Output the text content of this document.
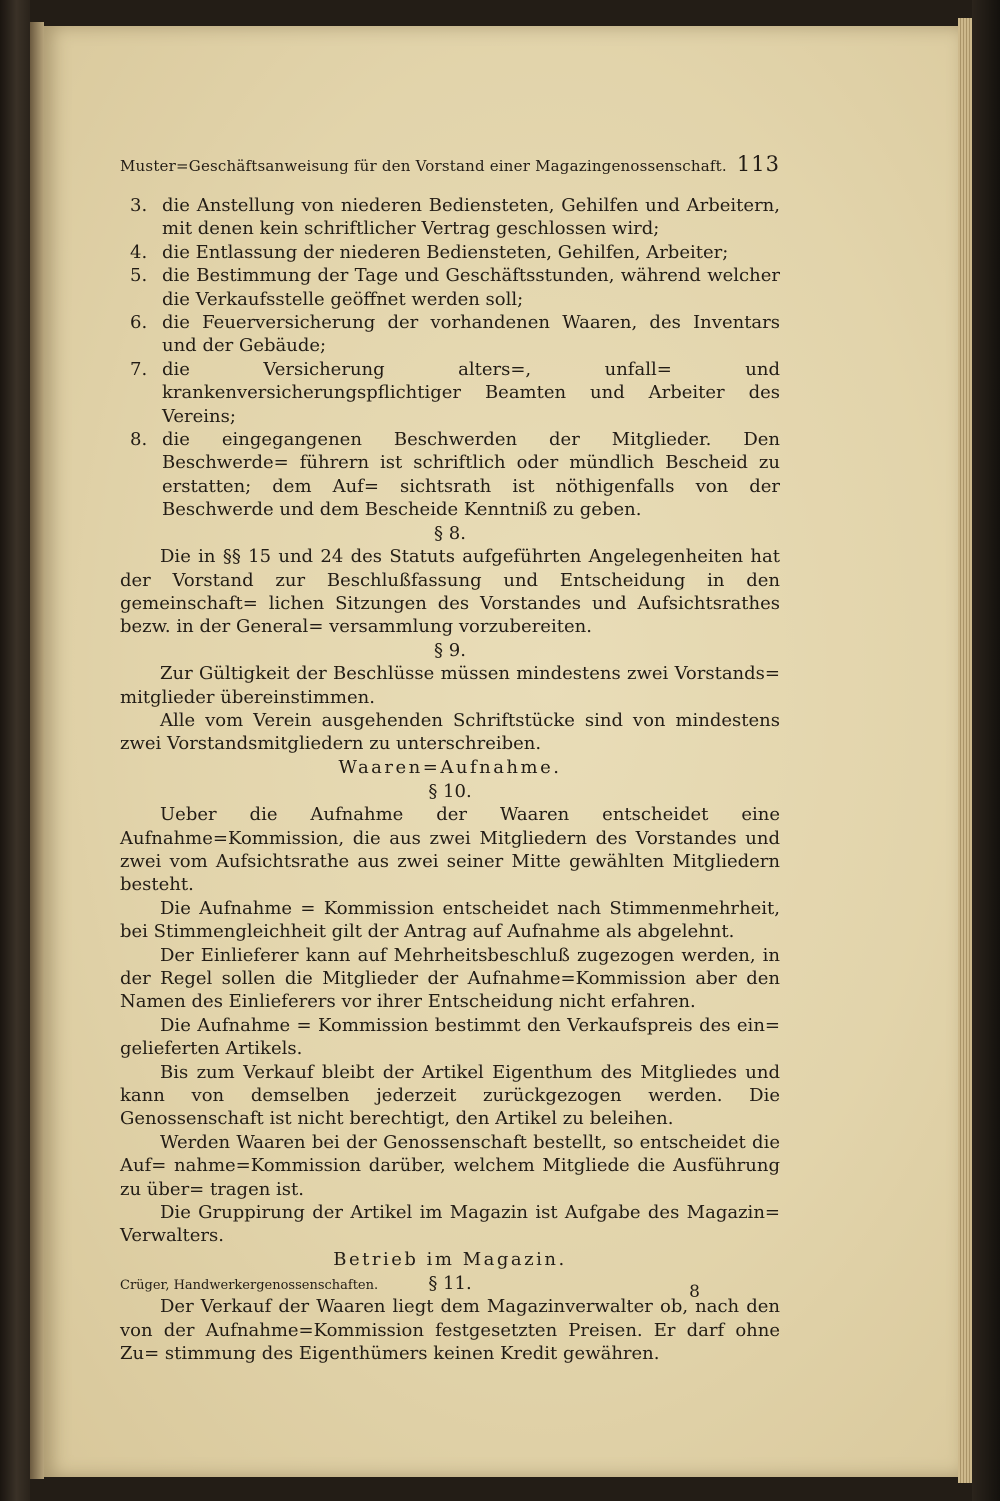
Muster=Geschäftsanweisung für den Vorstand einer Magazingenossenschaft. 113
3. die Anstellung von niederen Bediensteten, Gehilfen und Arbeitern, mit denen kein schriftlicher Vertrag geschlossen wird;
4. die Entlassung der niederen Bediensteten, Gehilfen, Arbeiter;
5. die Bestimmung der Tage und Geschäftsstunden, während welcher die Verkaufsstelle geöffnet werden soll;
6. die Feuerversicherung der vorhandenen Waaren, des Inventars und der Gebäude;
7. die Versicherung alters=, unfall= und krankenversicherungspflichtiger Beamten und Arbeiter des Vereins;
8. die eingegangenen Beschwerden der Mitglieder. Den Beschwerde= führern ist schriftlich oder mündlich Bescheid zu erstatten; dem Auf= sichtsrath ist nöthigenfalls von der Beschwerde und dem Bescheide Kenntniß zu geben.

§ 8.

Die in §§ 15 und 24 des Statuts aufgeführten Angelegenheiten hat der Vorstand zur Beschlußfassung und Entscheidung in den gemeinschaft= lichen Sitzungen des Vorstandes und Aufsichtsrathes bezw. in der General= versammlung vorzubereiten.

§ 9.

Zur Gültigkeit der Beschlüsse müssen mindestens zwei Vorstands= mitglieder übereinstimmen.

Alle vom Verein ausgehenden Schriftstücke sind von mindestens zwei Vorstandsmitgliedern zu unterschreiben.

Waaren=Aufnahme.

§ 10.

Ueber die Aufnahme der Waaren entscheidet eine Aufnahme=Kommission, die aus zwei Mitgliedern des Vorstandes und zwei vom Aufsichtsrathe aus zwei seiner Mitte gewählten Mitgliedern besteht.

Die Aufnahme = Kommission entscheidet nach Stimmenmehrheit, bei Stimmengleichheit gilt der Antrag auf Aufnahme als abgelehnt.

Der Einlieferer kann auf Mehrheitsbeschluß zugezogen werden, in der Regel sollen die Mitglieder der Aufnahme=Kommission aber den Namen des Einlieferers vor ihrer Entscheidung nicht erfahren.

Die Aufnahme = Kommission bestimmt den Verkaufspreis des ein= gelieferten Artikels.

Bis zum Verkauf bleibt der Artikel Eigenthum des Mitgliedes und kann von demselben jederzeit zurückgezogen werden. Die Genossenschaft ist nicht berechtigt, den Artikel zu beleihen.

Werden Waaren bei der Genossenschaft bestellt, so entscheidet die Auf= nahme=Kommission darüber, welchem Mitgliede die Ausführung zu über= tragen ist.

Die Gruppirung der Artikel im Magazin ist Aufgabe des Magazin= Verwalters.

Betrieb im Magazin.

§ 11.

Der Verkauf der Waaren liegt dem Magazinverwalter ob, nach den von der Aufnahme=Kommission festgesetzten Preisen. Er darf ohne Zu= stimmung des Eigenthümers keinen Kredit gewähren.

Crüger, Handwerkergenossenschaften.	8
